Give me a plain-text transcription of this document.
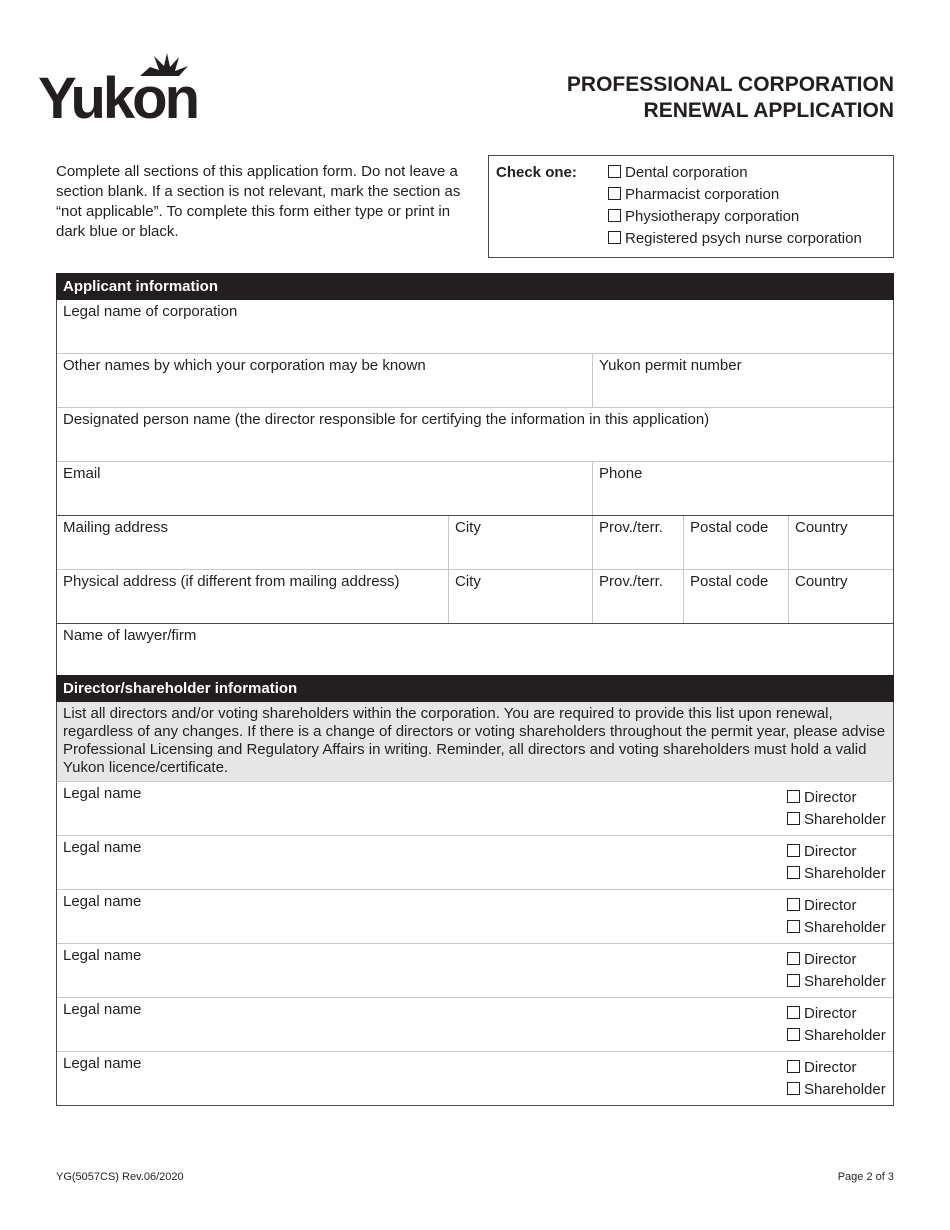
Yukon	PROFESSIONAL CORPORATION
RENEWAL APPLICATION
Complete all sections of this application form. Do not leave a section blank. If a section is not relevant, mark the section as “not applicable”. To complete this form either type or print in dark blue or black.
Check one:	Dental corporation
Pharmacist corporation
Physiotherapy corporation
Registered psych nurse corporation
Applicant information
Legal name of corporation
Other names by which your corporation may be known	Yukon permit number
Designated person name (the director responsible for certifying the information in this application)
Email	Phone
Mailing address	City	Prov./terr.	Postal code	Country
Physical address (if different from mailing address)	City	Prov./terr.	Postal code	Country
Name of lawyer/firm
Director/shareholder information
List all directors and/or voting shareholders within the corporation. You are required to provide this list upon renewal, regardless of any changes. If there is a change of directors or voting shareholders throughout the permit year, please advise Professional Licensing and Regulatory Affairs in writing. Reminder, all directors and voting shareholders must hold a valid Yukon licence/certificate.
Legal name	Director
Shareholder
Legal name	Director
Shareholder
Legal name	Director
Shareholder
Legal name	Director
Shareholder
Legal name	Director
Shareholder
Legal name	Director
Shareholder
YG(5057CS) Rev.06/2020	Page 2 of 3
